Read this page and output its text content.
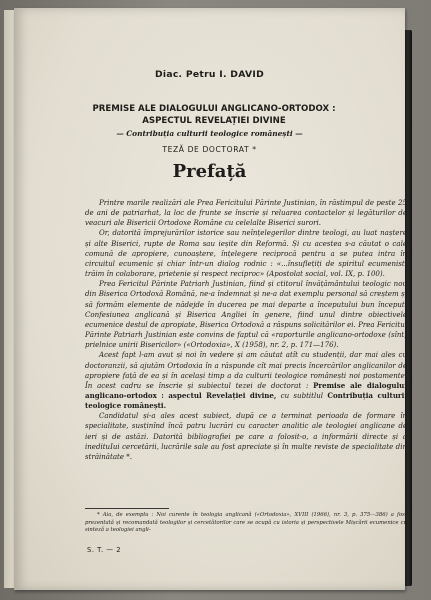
Diac. Petru I. DAVID
PREMISE ALE DIALOGULUI ANGLICANO-ORTODOX :
ASPECTUL REVELAȚIEI DIVINE
— Contribuția culturii teologice românești —
TEZĂ DE DOCTORAT *
Prefață

Printre marile realizări ale Prea Fericitului Părinte Justinian, în răstimpul de peste 25 de ani de patriarhat, la loc de frunte se înscrie și reluarea contactelor și legăturilor de veacuri ale Bisericii Ortodoxe Române cu celelalte Biserici surori.

Or, datorită împrejurărilor istorice sau neînțelegerilor dintre teologi, au luat naștere și alte Biserici, rupte de Roma sau ieșite din Reformă. Și cu acestea s-a căutat o cale comună de apropiere, cunoaștere, înțelegere reciprocă pentru a se putea intra în circuitul ecumenic și chiar într-un dialog rodnic : «...însuflețiți de spiritul ecumenist, trăim în colaborare, prietenie și respect reciproc» (Apostolat social, vol. IX, p. 100).

Prea Fericitul Părinte Patriarh Justinian, fiind și ctitorul învățământului teologic nou din Biserica Ortodoxă Română, ne-a îndemnat și ne-a dat exemplu personal să creștem și să formăm elemente de nădejde în ducerea pe mai departe a începutului bun început. Confesiunea anglicană și Biserica Angliei în genere, fiind unul dintre obiectivele ecumenice destul de apropiate, Biserica Ortodoxă a răspuns solicitărilor ei. Prea Fericitul Părinte Patriarh Justinian este convins de faptul că «raporturile anglicano-ortodoxe (sînt) prielnice unirii Bisericilor» («Ortodoxia», X (1958), nr. 2, p. 171—176).

Acest fapt l-am avut și noi în vedere și am căutat atît cu studenții, dar mai ales cu doctoranzii, să ajutăm Ortodoxia în a răspunde cît mai precis încercărilor anglicanilor de apropiere față de ea și în același timp a da culturii teologice românești noi postamente. În acest cadru se înscrie și subiectul tezei de doctorat : Premise ale dialogului anglicano-ortodox : aspectul Revelației divine, cu subtitlul Contribuția culturii teologice românești.

Candidatul și-a ales acest subiect, după ce a terminat perioada de formare în specialitate, susținînd încă patru lucrări cu caracter analitic ale teologiei anglicane de ieri și de astăzi. Datorită bibliografiei pe care a folosit-o, a informării directe și a inedituIui cercetării, lucrările sale au fost apreciate și în multe reviste de specialitate din străinătate *.

* Aia, de exemplu : Noi curente în teologia anglicană («Ortodoxia», XVIII (1966), nr. 3, p. 375—386) a fost prezentată și recomandată teologilor și cercetătorilor care se ocupă cu istoria și perspectivele Mișcării ecumenice cu sinteză a teologiei angli-
S. T. — 2
